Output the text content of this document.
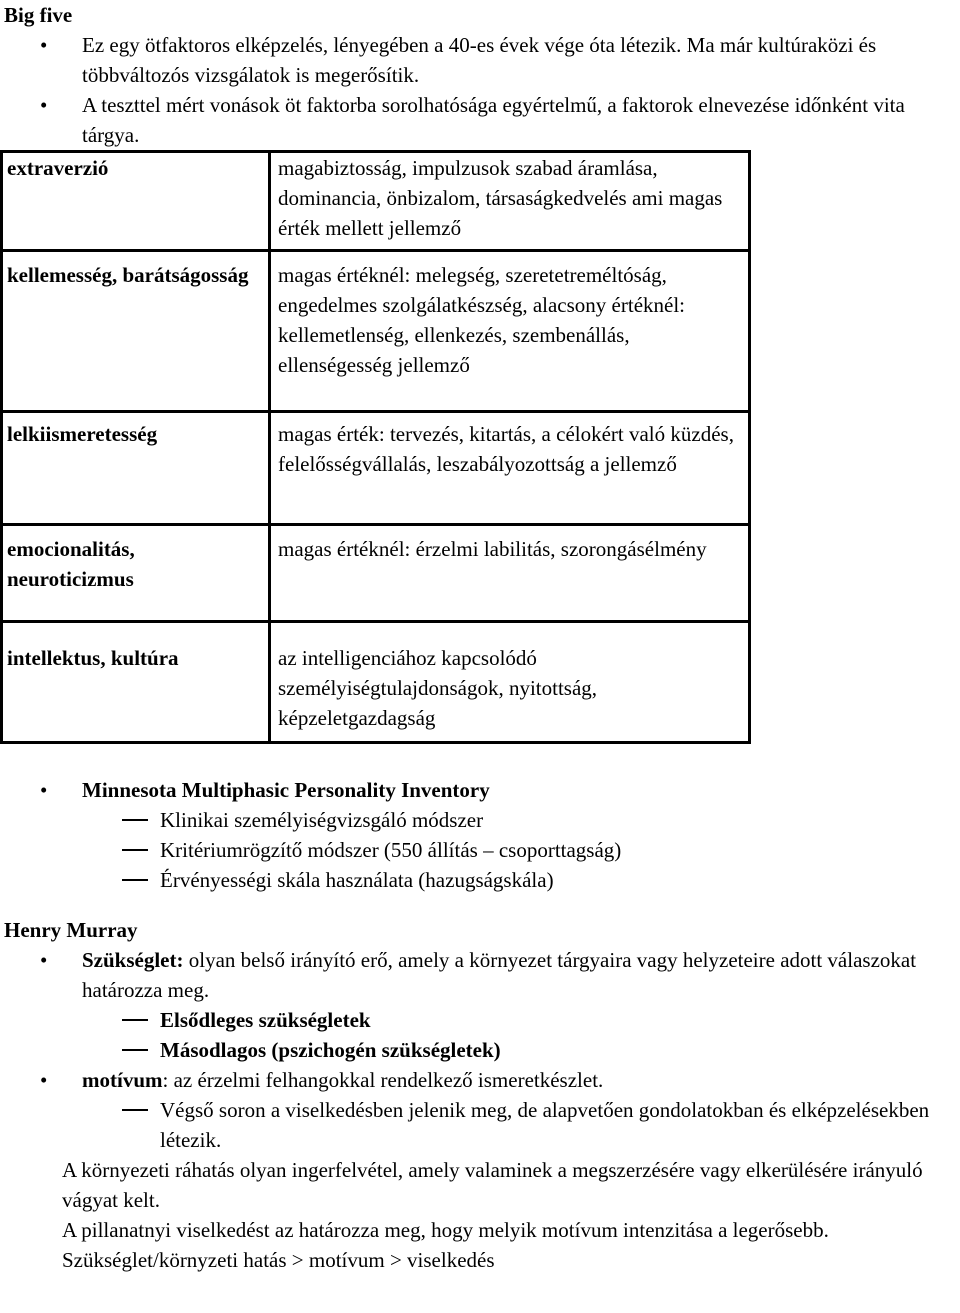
Big five
• Ez egy ötfaktoros elképzelés, lényegében a 40-es évek vége óta létezik. Ma már kultúraközi és többváltozós vizsgálatok is megerősítik.
• A teszttel mért vonások öt faktorba sorolhatósága egyértelmű, a faktorok elnevezése időnként vita tárgya.
extraverzió	magabiztosság, impulzusok szabad áramlása, dominancia, önbizalom, társaságkedvelés ami magas érték mellett jellemző
kellemesség, barátságosság	magas értéknél: melegség, szeretetreméltóság, engedelmes szolgálatkészség, alacsony értéknél: kellemetlenség, ellenkezés, szembenállás, ellenségesség jellemző
lelkiismeretesség	magas érték: tervezés, kitartás, a célokért való küzdés, felelősségvállalás, leszabályozottság a jellemző
emocionalitás, neuroticizmus	magas értéknél: érzelmi labilitás, szorongásélmény
intellektus, kultúra	az intelligenciához kapcsolódó személyiségtulajdonságok, nyitottság, képzeletgazdagság
• Minnesota Multiphasic Personality Inventory
Klinikai személyiségvizsgáló módszer
Kritériumrögzítő módszer (550 állítás – csoporttagság)
Érvényességi skála használata (hazugságskála)
Henry Murray
• Szükséglet: olyan belső irányító erő, amely a környezet tárgyaira vagy helyzeteire adott válaszokat határozza meg.
Elsődleges szükségletek
Másodlagos (pszichogén szükségletek)
• motívum: az érzelmi felhangokkal rendelkező ismeretkészlet.
Végső soron a viselkedésben jelenik meg, de alapvetően gondolatokban és elképzelésekben létezik.
A környezeti ráhatás olyan ingerfelvétel, amely valaminek a megszerzésére vagy elkerülésére irányuló vágyat kelt.
A pillanatnyi viselkedést az határozza meg, hogy melyik motívum intenzitása a legerősebb.
Szükséglet/környzeti hatás > motívum > viselkedés
